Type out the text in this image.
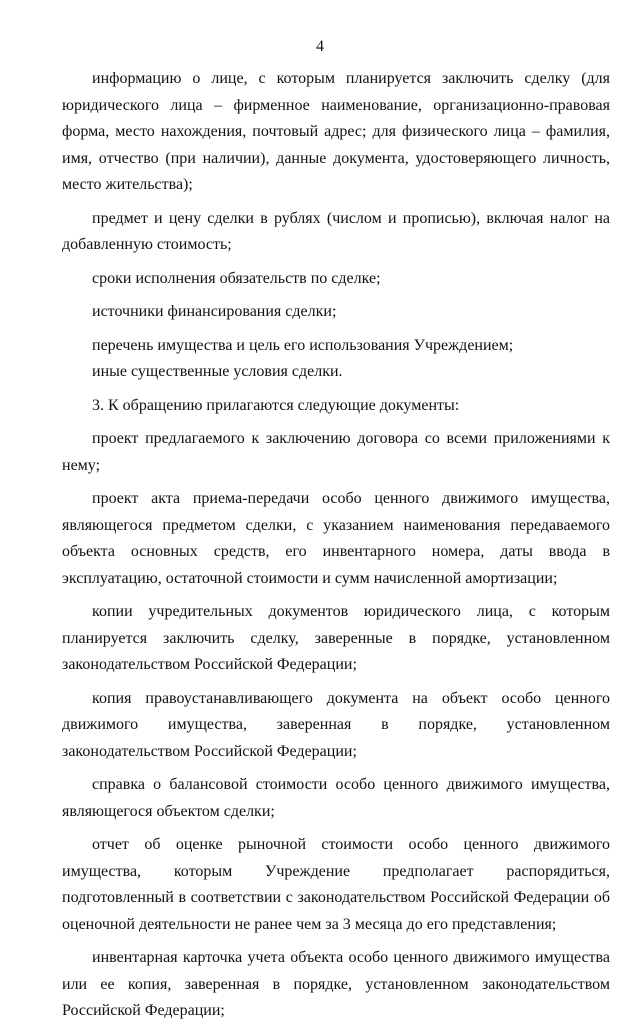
4

информацию о лице, с которым планируется заключить сделку (для юридического лица – фирменное наименование, организационно-правовая форма, место нахождения, почтовый адрес; для физического лица – фамилия, имя, отчество (при наличии), данные документа, удостоверяющего личность, место жительства);

предмет и цену сделки в рублях (числом и прописью), включая налог на добавленную стоимость;

сроки исполнения обязательств по сделке;

источники финансирования сделки;

перечень имущества и цель его использования Учреждением;

иные существенные условия сделки.

3. К обращению прилагаются следующие документы:

проект предлагаемого к заключению договора со всеми приложениями к нему;

проект акта приема-передачи особо ценного движимого имущества, являющегося предметом сделки, с указанием наименования передаваемого объекта основных средств, его инвентарного номера, даты ввода в эксплуатацию, остаточной стоимости и сумм начисленной амортизации;

копии учредительных документов юридического лица, с которым планируется заключить сделку, заверенные в порядке, установленном законодательством Российской Федерации;

копия правоустанавливающего документа на объект особо ценного движимого имущества, заверенная в порядке, установленном законодательством Российской Федерации;

справка о балансовой стоимости особо ценного движимого имущества, являющегося объектом сделки;

отчет об оценке рыночной стоимости особо ценного движимого имущества, которым Учреждение предполагает распорядиться, подготовленный в соответствии с законодательством Российской Федерации об оценочной деятельности не ранее чем за 3 месяца до его представления;

инвентарная карточка учета объекта особо ценного движимого имущества или ее копия, заверенная в порядке, установленном законодательством Российской Федерации;
